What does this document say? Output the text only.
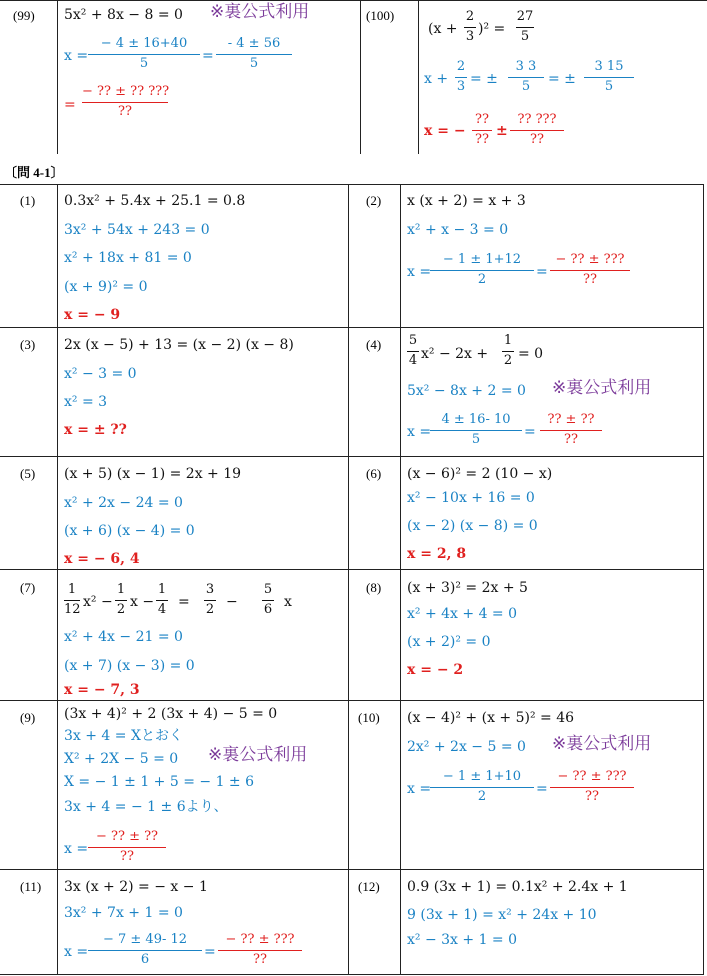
〔問 4-1〕
(99) 5x² + 8x − 8 = 0 ※裏公式利用
x =
− 4 ± 16+40
5	=
- 4 ± 56
5
=
− ?? ± ?? ???
??
(100)
(x +
2
3 )² =
27
5
x +
2
3 = ±
3 3
5	= ±
3 15
5
x = −
??
??
±
?? ???
??
(1) 0.3x² + 5.4x + 25.1 = 0.8
3x² + 54x + 243 = 0
x² + 18x + 81 = 0
(x + 9)² = 0
x = − 9
(2) x (x + 2) = x + 3
x² + x − 3 = 0
x =
− 1 ± 1+12
2	=
− ?? ± ???
??
(3) 2x (x − 5) + 13 = (x − 2) (x − 8)
x² − 3 = 0
x² = 3
x = ± ??
(4) 5
4 x² − 2x +
1
2 = 0
5x² − 8x + 2 = 0 ※裏公式利用
x =
4 ± 16- 10
5	=
?? ± ??
??
(5) (x + 5) (x − 1) = 2x + 19
x² + 2x − 24 = 0
(x + 6) (x − 4) = 0
x = − 6, 4
(6) (x − 6)² = 2 (10 − x)
x² − 10x + 16 = 0
(x − 2) (x − 8) = 0
x = 2, 8
(7)	1
12 x² −
1
2 x −
1
4 =
3
2 −
5
6 x
x² + 4x − 21 = 0
(x + 7) (x − 3) = 0
x = − 7, 3
(8) (x + 3)² = 2x + 5
x² + 4x + 4 = 0
(x + 2)² = 0
x = − 2
(9) (3x + 4)² + 2 (3x + 4) − 5 = 0
3x + 4 = Xとおく
X² + 2X − 5 = 0 ※裏公式利用
X = − 1 ± 1 + 5 = − 1 ± 6
3x + 4 = − 1 ± 6より、
x =
− ?? ± ??
??
(10) (x − 4)² + (x + 5)² = 46
2x² + 2x − 5 = 0 ※裏公式利用
x =
− 1 ± 1+10
2	=
− ?? ± ???
??
(11) 3x (x + 2) = − x − 1
3x² + 7x + 1 = 0
x =
− 7 ± 49- 12
6	=
− ?? ± ???
??
(12) 0.9 (3x + 1) = 0.1x² + 2.4x + 1
9 (3x + 1) = x² + 24x + 10
x² − 3x + 1 = 0
